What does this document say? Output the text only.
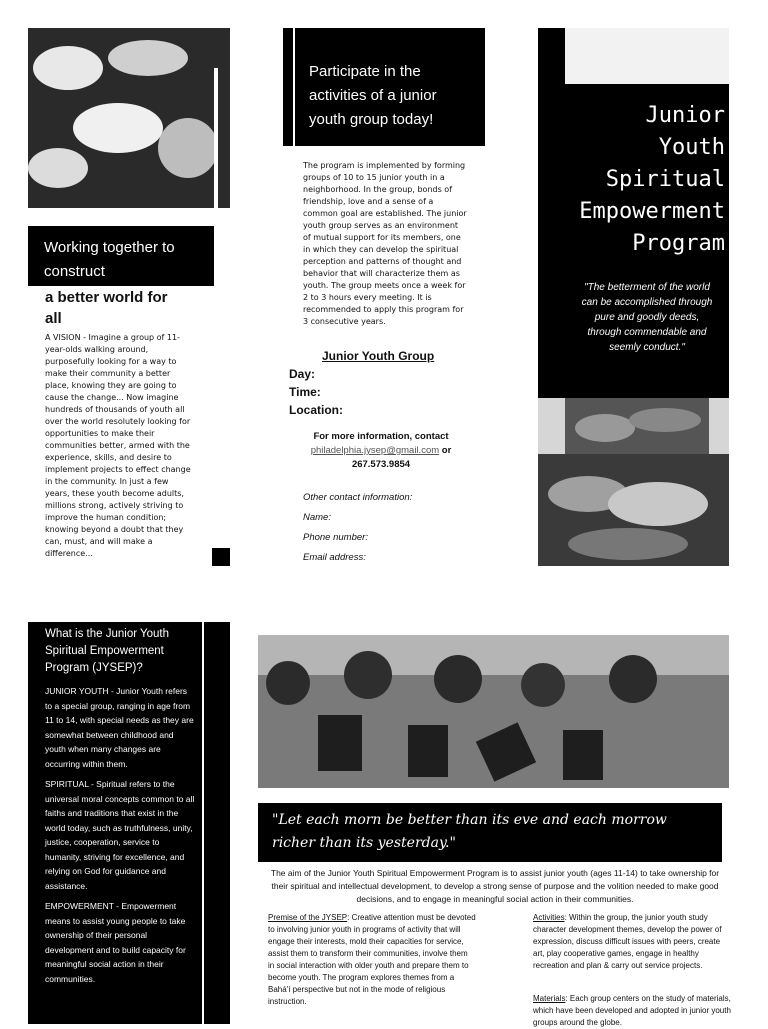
Working together to construct
a better world for all
A VISION - Imagine a group of 11-year-olds walking around, purposefully looking for a way to make their community a better place, knowing they are going to cause the change... Now imagine hundreds of thousands of youth all over the world resolutely looking for opportunities to make their communities better, armed with the experience, skills, and desire to implement projects to effect change in the community. In just a few years, these youth become adults, millions strong, actively striving to improve the human condition; knowing beyond a doubt that they can, must, and will make a difference...
Participate in the activities of a junior youth group today!
The program is implemented by forming groups of 10 to 15 junior youth in a neighborhood. In the group, bonds of friendship, love and a sense of a common goal are established. The junior youth group serves as an environment of mutual support for its members, one in which they can develop the spiritual perception and patterns of thought and behavior that will characterize them as youth. The group meets once a week for 2 to 3 hours every meeting. It is recommended to apply this program for 3 consecutive years.
Junior Youth Group
Day:
Time:
Location:
For more information, contact
philadelphia.jysep@gmail.com or
267.573.9854
Other contact information:
Name:
Phone number:
Email address:
Junior
Youth
Spiritual
Empowerment
Program
"The betterment of the world can be accomplished through pure and goodly deeds, through commendable and seemly conduct."
What is the Junior Youth Spiritual Empowerment Program (JYSEP)?

JUNIOR YOUTH - Junior Youth refers to a special group, ranging in age from 11 to 14, with special needs as they are somewhat between childhood and youth when many changes are occurring within them.

SPIRITUAL - Spiritual refers to the universal moral concepts common to all faiths and traditions that exist in the world today, such as truthfulness, unity, justice, cooperation, service to humanity, striving for excellence, and relying on God for guidance and assistance.

EMPOWERMENT - Empowerment means to assist young people to take ownership of their personal development and to build capacity for meaningful social action in their communities.

"Let each morn be better than its eve and each morrow richer than its yesterday."
The aim of the Junior Youth Spiritual Empowerment Program is to assist junior youth (ages 11-14) to take ownership for their spiritual and intellectual development, to develop a strong sense of purpose and the volition needed to make good decisions, and to engage in meaningful social action in their communities.
Premise of the JYSEP: Creative attention must be devoted to involving junior youth in programs of activity that will engage their interests, mold their capacities for service, assist them to transform their communities, involve them in social interaction with older youth and prepare them to become youth. The program explores themes from a Bahá'í perspective but not in the mode of religious instruction.
Activities: Within the group, the junior youth study character development themes, develop the power of expression, discuss difficult issues with peers, create art, play cooperative games, engage in healthy recreation and plan & carry out service projects.
Materials: Each group centers on the study of materials, which have been developed and adopted in junior youth groups around the globe.
